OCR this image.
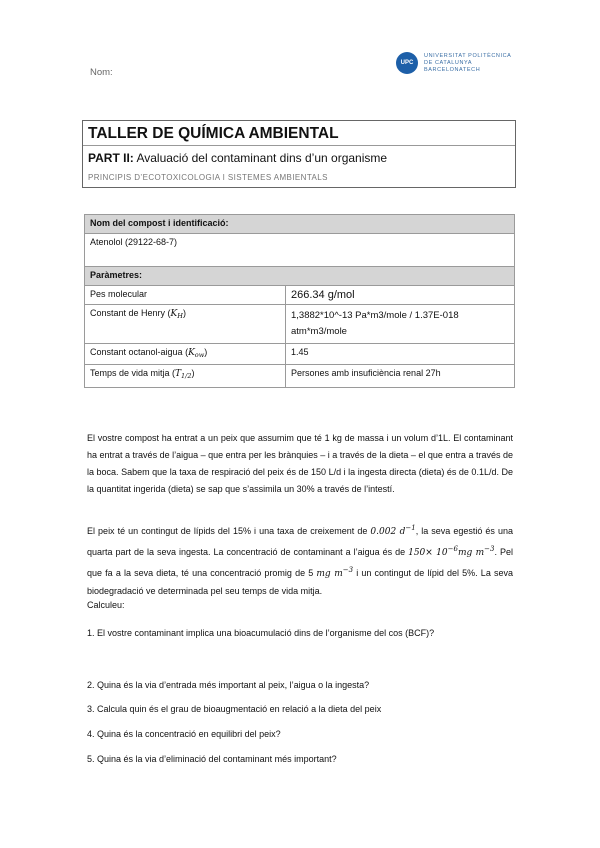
Nom:
UPC
UNIVERSITAT POLITÈCNICA
DE CATALUNYA
BARCELONATECH
TALLER DE QUÍMICA AMBIENTAL
PART II: Avaluació del contaminant dins d’un organisme
PRINCIPIS D’ECOTOXICOLOGIA I SISTEMES AMBIENTALS
Nom del compost i identificació:	
Atenolol (29122-68-7)	
Paràmetres:	
Pes molecular	266.34 g/mol
Constant de Henry $(K_H)$	1,3882*10^-13 Pa*m3/mole / 1.37E-018
atm*m3/mole

Constant octanol-aigua $(K_{ow})$	1.45
Temps de vida mitja $(T_{1/2})$	Persones amb insuficiència renal 27h
El vostre compost ha entrat a un peix que assumim que té 1 kg de massa i un volum d’1L. El contaminant ha entrat a través de l’aigua – que entra per les brànquies – i a través de la dieta – el que entra a través de la boca. Sabem que la taxa de respiració del peix és de 150 L/d i la ingesta directa (dieta) és de 0.1L/d. De la quantitat ingerida (dieta) se sap que s’assimila un 30% a través de l’intestí.
El peix té un contingut de lípids del 15% i una taxa de creixement de 0.002 $d^{-1}$, la seva egestió és una quarta part de la seva ingesta. La concentració de contaminant a l’aigua és de $150\times 10^{-6}mg$ $m^{-3}$. Pel que fa a la seva dieta, té una concentració promig de 5 mg $m^{-3}$ i un contingut de lípid del 5%. La seva biodegradació ve determinada pel seu temps de vida mitja.
Calculeu:
1. El vostre contaminant implica una bioacumulació dins de l’organisme del cos (BCF)?
2. Quina és la via d’entrada més important al peix, l’aigua o la ingesta?
3. Calcula quin és el grau de bioaugmentació en relació a la dieta del peix
4. Quina és la concentració en equilibri del peix?
5. Quina és la via d’eliminació del contaminant més important?
